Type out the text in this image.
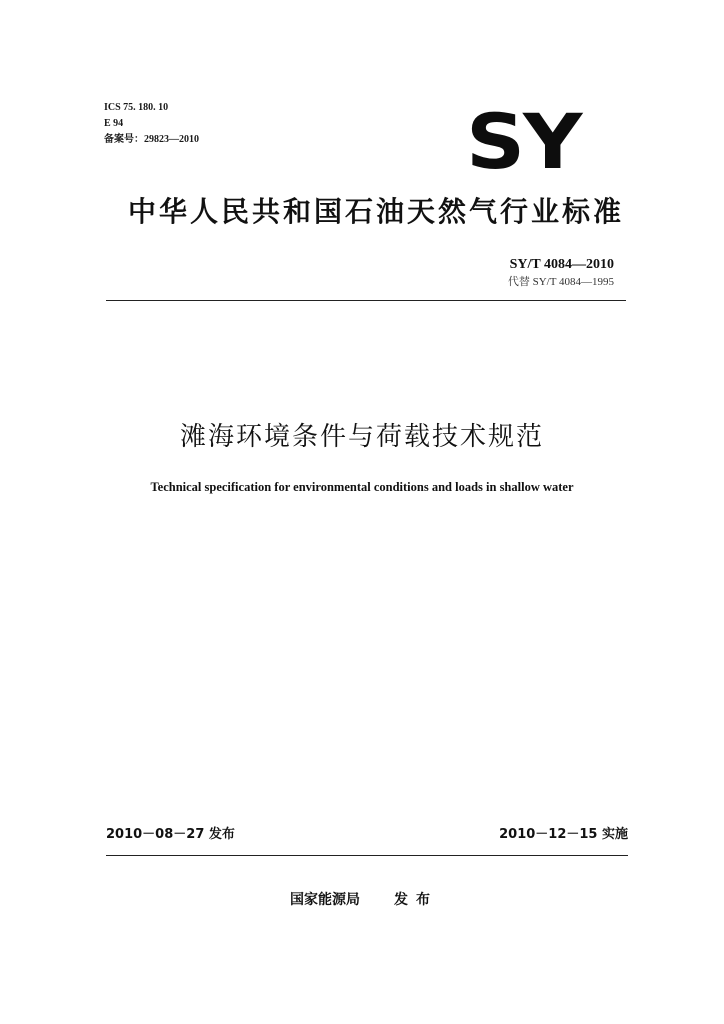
ICS 75. 180. 10
E 94
备案号：29823—2010	SY
中华人民共和国石油天然气行业标准
SY/T 4084—2010
代替 SY/T 4084—1995
滩海环境条件与荷载技术规范
Technical specification for environmental conditions and loads in shallow water
2010－08－27 发布	2010－12－15 实施
国家能源局 发布
